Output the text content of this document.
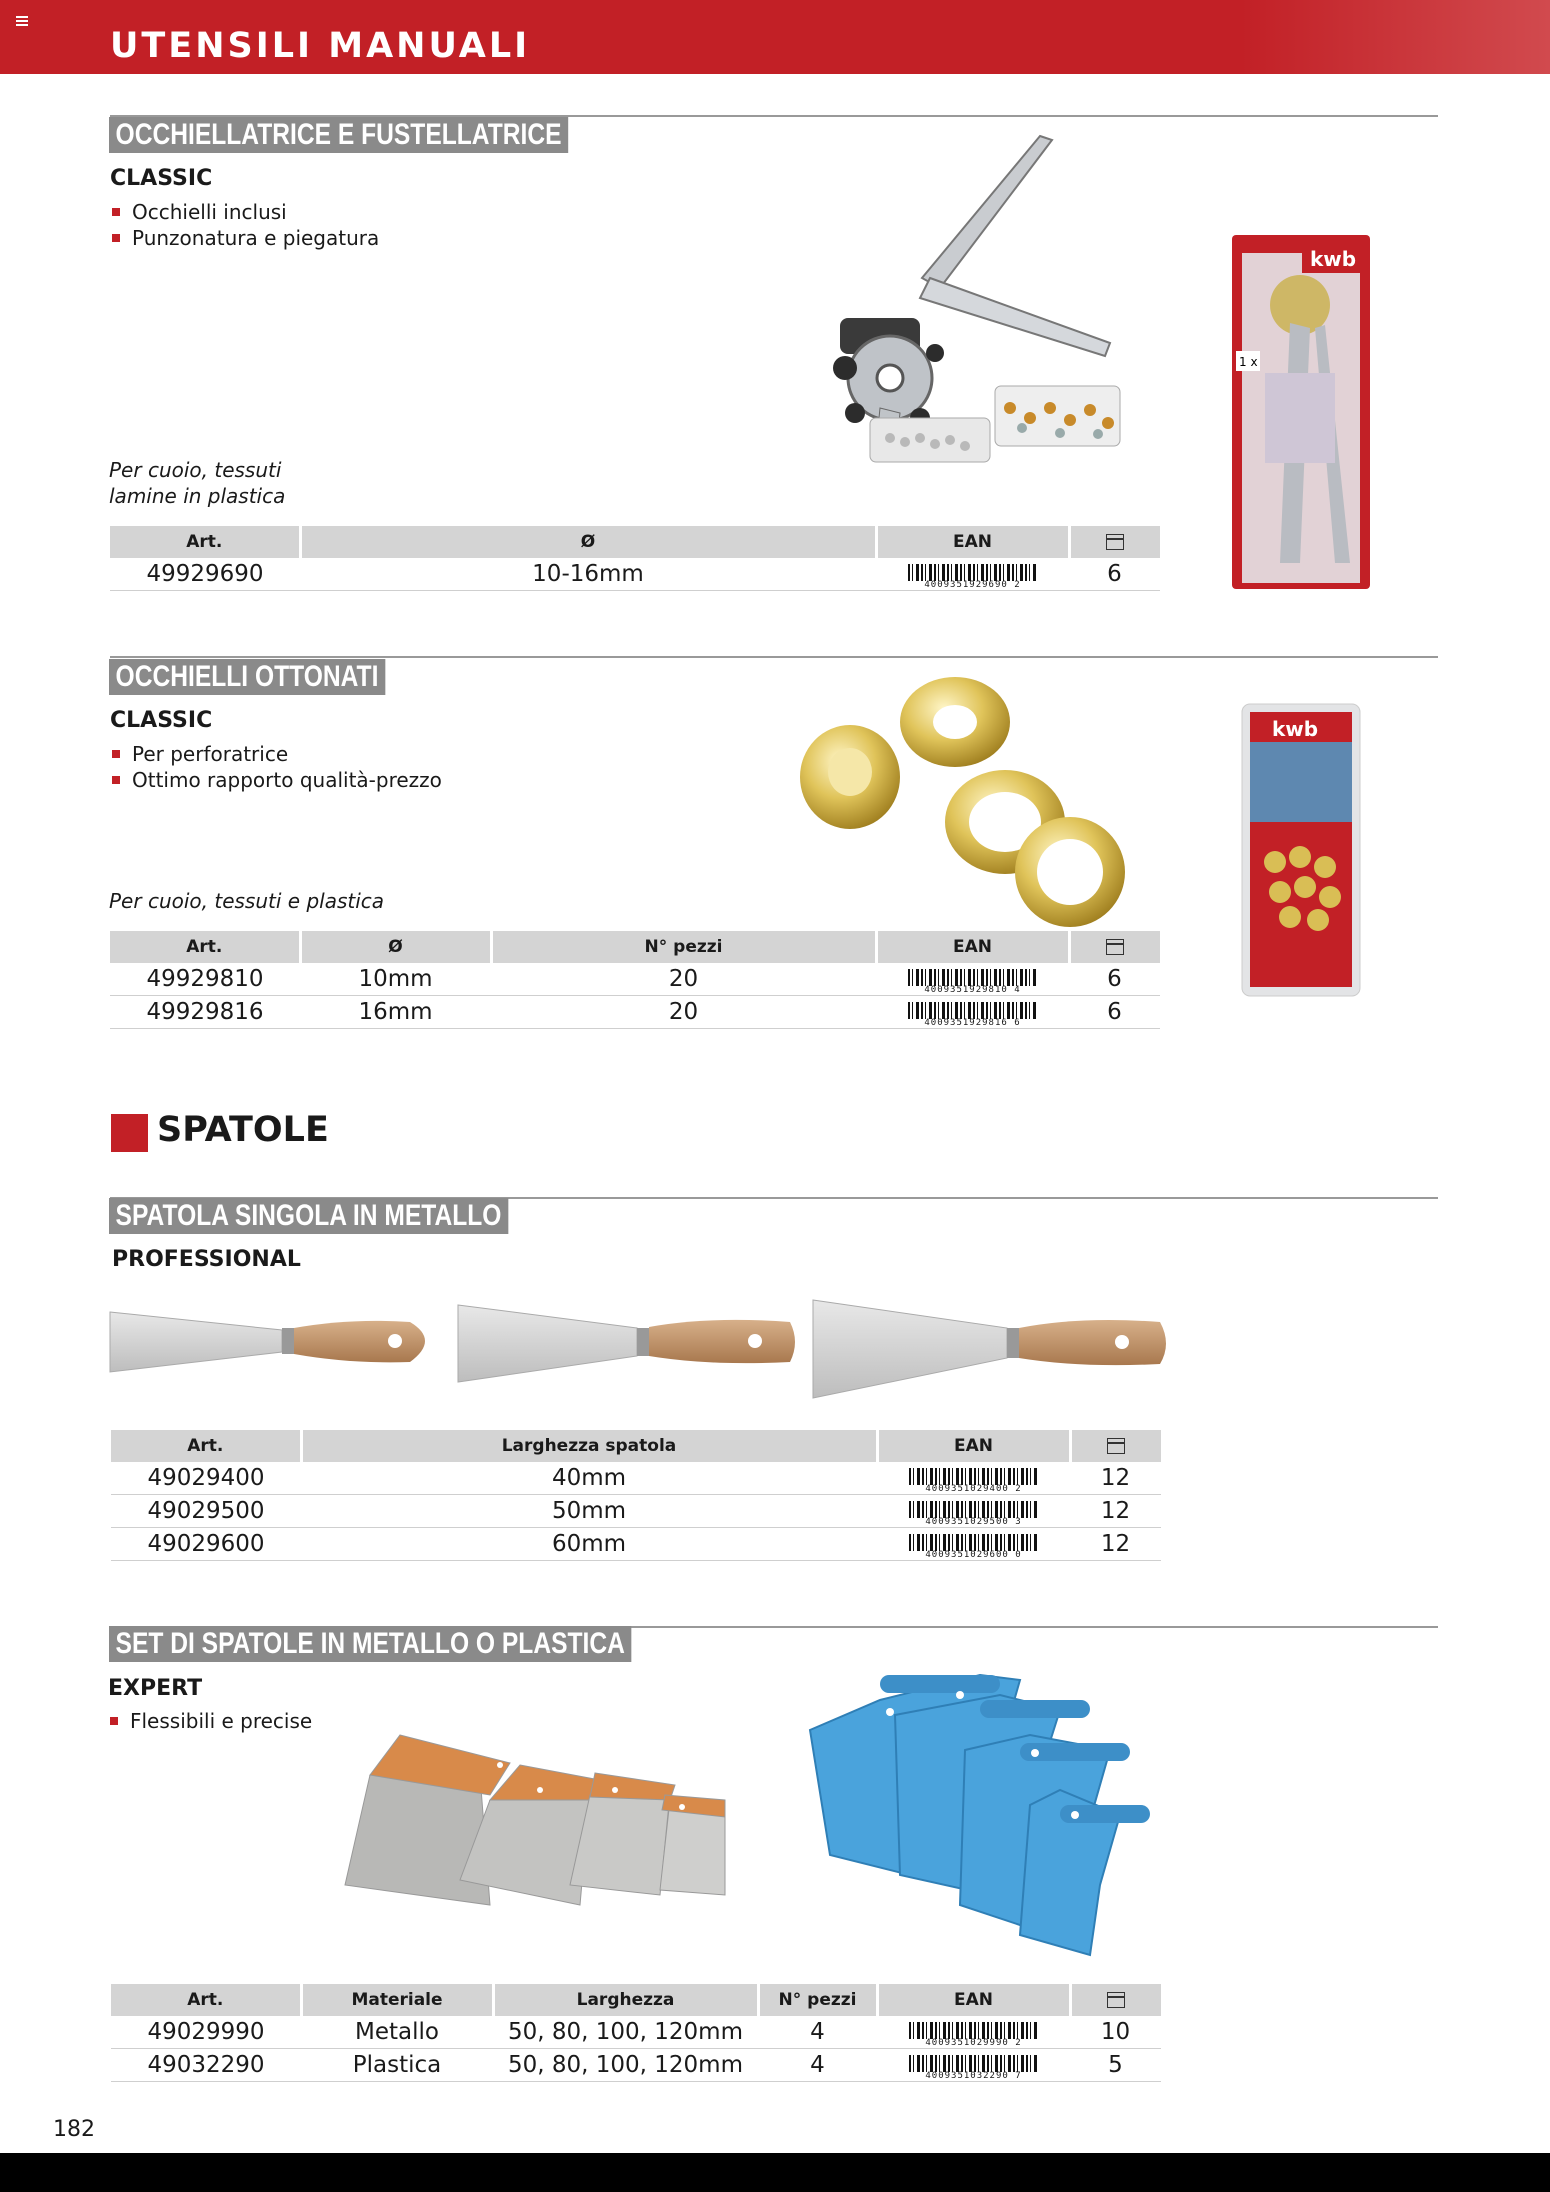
UTENSILI MANUALI
OCCHIELLATRICE E FUSTELLATRICE
CLASSIC
Occhielli inclusi
Punzonatura e piegatura
Per cuoio, tessuti
lamine in plastica
kwb
1 x
Art.	Ø	EAN	
49929690	10-16mm	4009351929690 2	6
OCCHIELLI OTTONATI
CLASSIC
Per perforatrice
Ottimo rapporto qualità-prezzo
Per cuoio, tessuti e plastica
kwb
Art.	Ø	N° pezzi	EAN	
49929810	10mm	20	4009351929810 4	6
49929816	16mm	20	4009351929816 6	6
SPATOLE
SPATOLA SINGOLA IN METALLO
PROFESSIONAL
Art.	Larghezza spatola	EAN	
49029400	40mm	4009351029400 2	12
49029500	50mm	4009351029500 3	12
49029600	60mm	4009351029600 0	12
SET DI SPATOLE IN METALLO O PLASTICA
EXPERT
Flessibili e precise
Art.	Materiale	Larghezza	N° pezzi	EAN	
49029990	Metallo	50, 80, 100, 120mm	4	4009351029990 2	10
49032290	Plastica	50, 80, 100, 120mm	4	4009351032290 7	5
182
